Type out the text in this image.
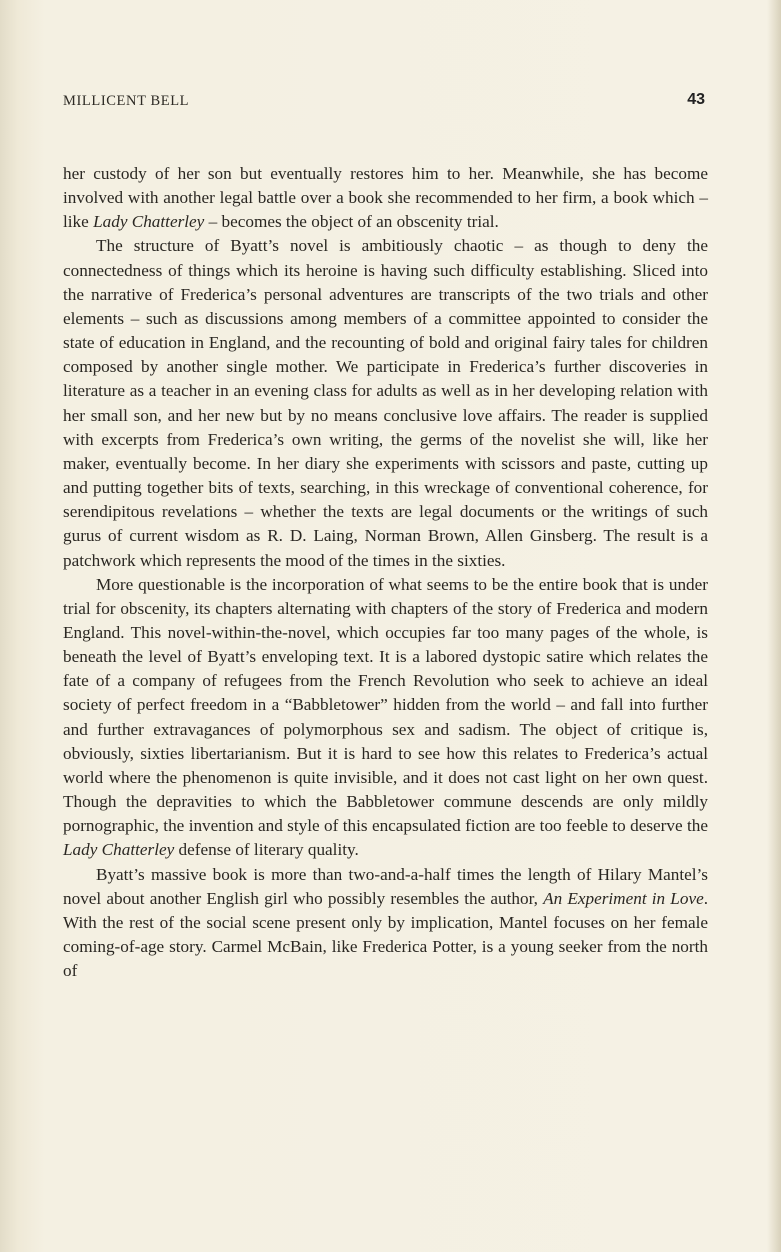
MILLICENT BELL	43

her custody of her son but eventually restores him to her. Meanwhile, she has become involved with another legal battle over a book she recommended to her firm, a book which – like Lady Chatterley – becomes the object of an obscenity trial.

The structure of Byatt’s novel is ambitiously chaotic – as though to deny the connectedness of things which its heroine is having such difficulty establishing. Sliced into the narrative of Frederica’s personal adventures are transcripts of the two trials and other elements – such as discussions among members of a committee appointed to consider the state of education in England, and the recounting of bold and original fairy tales for children composed by another single mother. We participate in Frederica’s further discoveries in literature as a teacher in an evening class for adults as well as in her developing relation with her small son, and her new but by no means conclusive love affairs. The reader is supplied with excerpts from Frederica’s own writing, the germs of the novelist she will, like her maker, eventually become. In her diary she experiments with scissors and paste, cutting up and putting together bits of texts, searching, in this wreckage of conventional coherence, for serendipitous revelations – whether the texts are legal documents or the writings of such gurus of current wisdom as R. D. Laing, Norman Brown, Allen Ginsberg. The result is a patchwork which represents the mood of the times in the sixties.

More questionable is the incorporation of what seems to be the entire book that is under trial for obscenity, its chapters alternating with chapters of the story of Frederica and modern England. This novel-within-the-novel, which occupies far too many pages of the whole, is beneath the level of Byatt’s enveloping text. It is a labored dystopic satire which relates the fate of a company of refugees from the French Revolution who seek to achieve an ideal society of perfect freedom in a “Babbletower” hidden from the world – and fall into further and further extravagances of polymorphous sex and sadism. The object of critique is, obviously, sixties libertarianism. But it is hard to see how this relates to Frederica’s actual world where the phenomenon is quite invisible, and it does not cast light on her own quest. Though the depravities to which the Babbletower commune descends are only mildly pornographic, the invention and style of this encapsulated fiction are too feeble to deserve the Lady Chatterley defense of literary quality.

Byatt’s massive book is more than two-and-a-half times the length of Hilary Mantel’s novel about another English girl who possibly resembles the author, An Experiment in Love. With the rest of the social scene present only by implication, Mantel focuses on her female coming-of-age story. Carmel McBain, like Frederica Potter, is a young seeker from the north of
